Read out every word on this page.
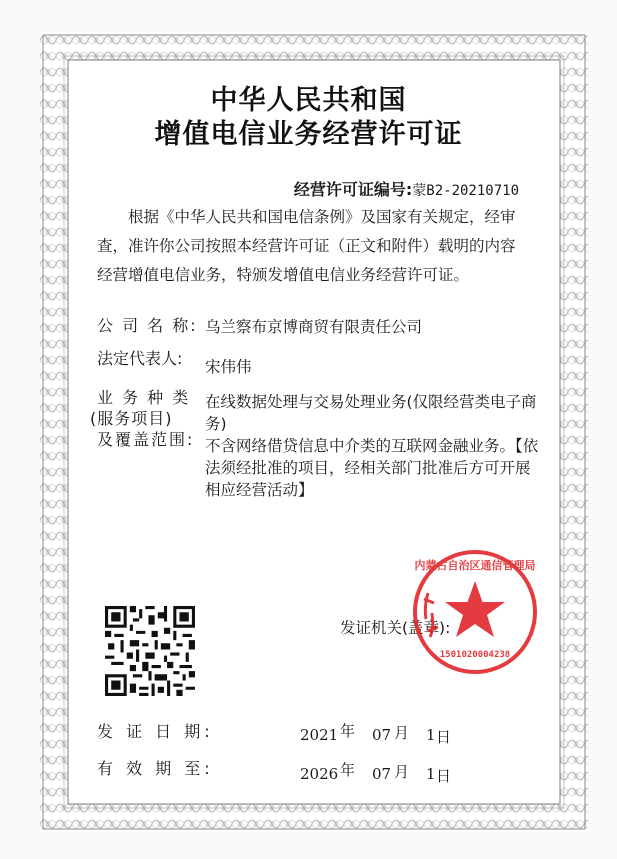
中华人民共和国
增值电信业务经营许可证
经营许可证编号:蒙B2-20210710
根据《中华人民共和国电信条例》及国家有关规定，经审查，准许你公司按照本经营许可证（正文和附件）载明的内容经营增值电信业务，特颁发增值电信业务经营许可证。
公 司 名 称: 乌兰察布京博商贸有限责任公司
法定代表人: 宋伟伟
业 务 种 类
(服务项目)
及覆盖范围:

在线数据处理与交易处理业务(仅限经营类电子商务)

不含网络借贷信息中介类的互联网金融业务。【依法须经批准的项目，经相关部门批准后方可开展相应经营活动】

发证机关(盖章):
1501020004238
内蒙古自治区通信管理局
发 证 日 期:	2021 年 07 月 1 日
有 效 期 至:	2026 年 07 月 1 日
